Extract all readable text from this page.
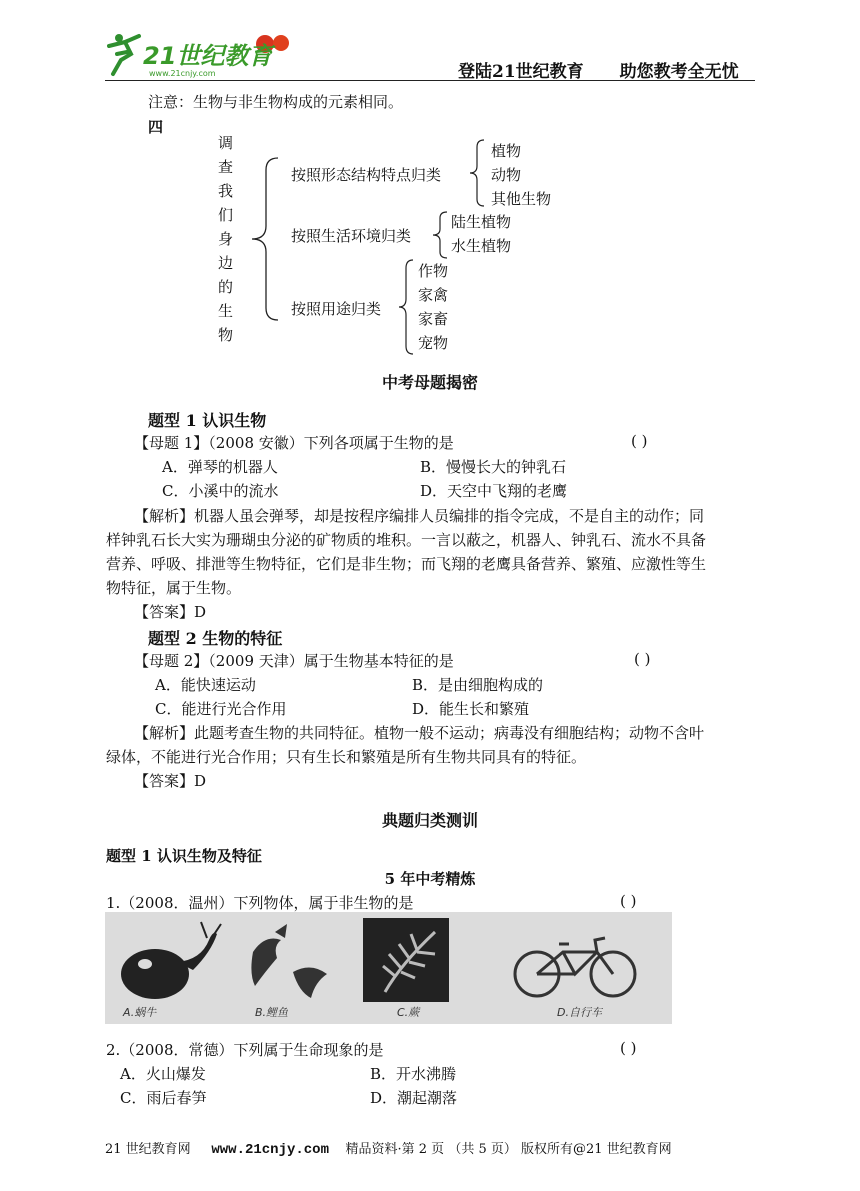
21世纪教育
www.21cnjy.com	登陆21世纪教育 助您教考全无忧
注意：生物与非生物构成的元素相同。
四
调
查
我
们
身
边
的
生
物
按照形态结构特点归类
植物
动物
其他生物
按照生活环境归类
陆生植物
水生植物
按照用途归类
作物
家禽
家畜
宠物
中考母题揭密
题型 1 认识生物
【母题 1】（2008 安徽）下列各项属于生物的是	( )
A．弹琴的机器人	B．慢慢长大的钟乳石
C．小溪中的流水	D．天空中飞翔的老鹰
【解析】机器人虽会弹琴，却是按程序编排人员编排的指令完成，不是自主的动作；同
样钟乳石长大实为珊瑚虫分泌的矿物质的堆积。一言以蔽之，机器人、钟乳石、流水不具备
营养、呼吸、排泄等生物特征，它们是非生物；而飞翔的老鹰具备营养、繁殖、应激性等生
物特征，属于生物。
【答案】D
题型 2 生物的特征
【母题 2】（2009 天津）属于生物基本特征的是	( )
A．能快速运动	B．是由细胞构成的
C．能进行光合作用	D．能生长和繁殖
【解析】此题考查生物的共同特征。植物一般不运动；病毒没有细胞结构；动物不含叶
绿体，不能进行光合作用；只有生长和繁殖是所有生物共同具有的特征。
【答案】D
典题归类测训
题型 1 认识生物及特征
5 年中考精炼
1.（2008．温州）下列物体，属于非生物的是	( )
A.蜗牛	B.鲤鱼	C.蕨	D.自行车
2.（2008．常德）下列属于生命现象的是	( )
A．火山爆发	B．开水沸腾
C．雨后春笋	D．潮起潮落
21 世纪教育网 www.21cnjy.com 精品资料·第 2 页 （共 5 页） 版权所有@21 世纪教育网
